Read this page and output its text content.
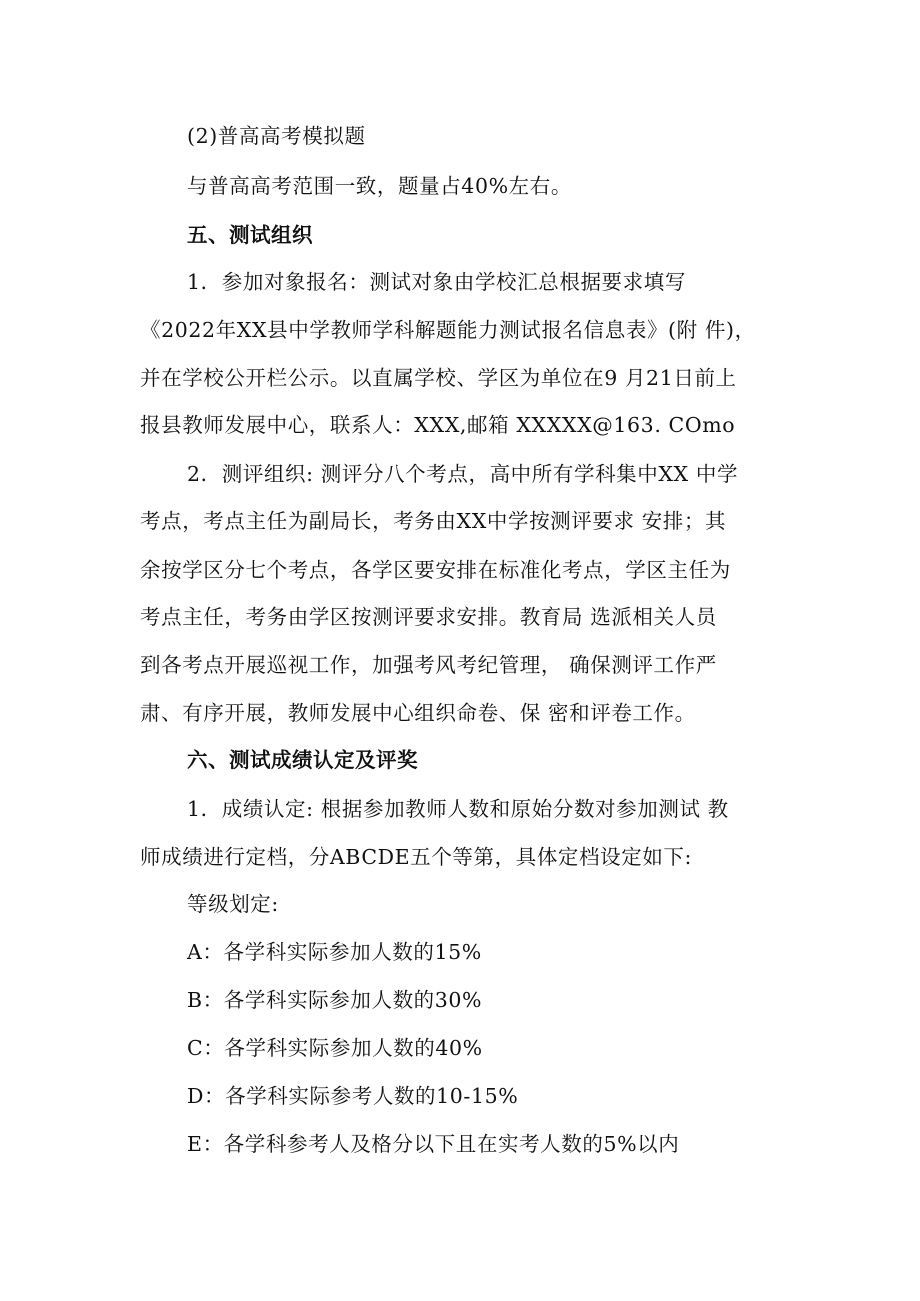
(2)普高高考模拟题
与普高高考范围一致，题量占40%左右。
五、测试组织
1．参加对象报名：测试对象由学校汇总根据要求填写
《2022年XX县中学教师学科解题能力测试报名信息表》(附 件)，
并在学校公开栏公示。以直属学校、学区为单位在9 月21日前上
报县教师发展中心，联系人：XXX,邮箱 XXXXX@163. COmo
2．测评组织: 测评分八个考点，高中所有学科集中XX 中学
考点，考点主任为副局长，考务由XX中学按测评要求 安排；其
余按学区分七个考点，各学区要安排在标准化考点，学区主任为
考点主任，考务由学区按测评要求安排。教育局 选派相关人员
到各考点开展巡视工作，加强考风考纪管理， 确保测评工作严
肃、有序开展，教师发展中心组织命卷、保 密和评卷工作。
六、测试成绩认定及评奖
1．成绩认定: 根据参加教师人数和原始分数对参加测试 教
师成绩进行定档，分ABCDE五个等第，具体定档设定如下:
等级划定:
A：各学科实际参加人数的15%
B：各学科实际参加人数的30%
C：各学科实际参加人数的40%
D：各学科实际参考人数的10-15%
E：各学科参考人及格分以下且在实考人数的5%以内
